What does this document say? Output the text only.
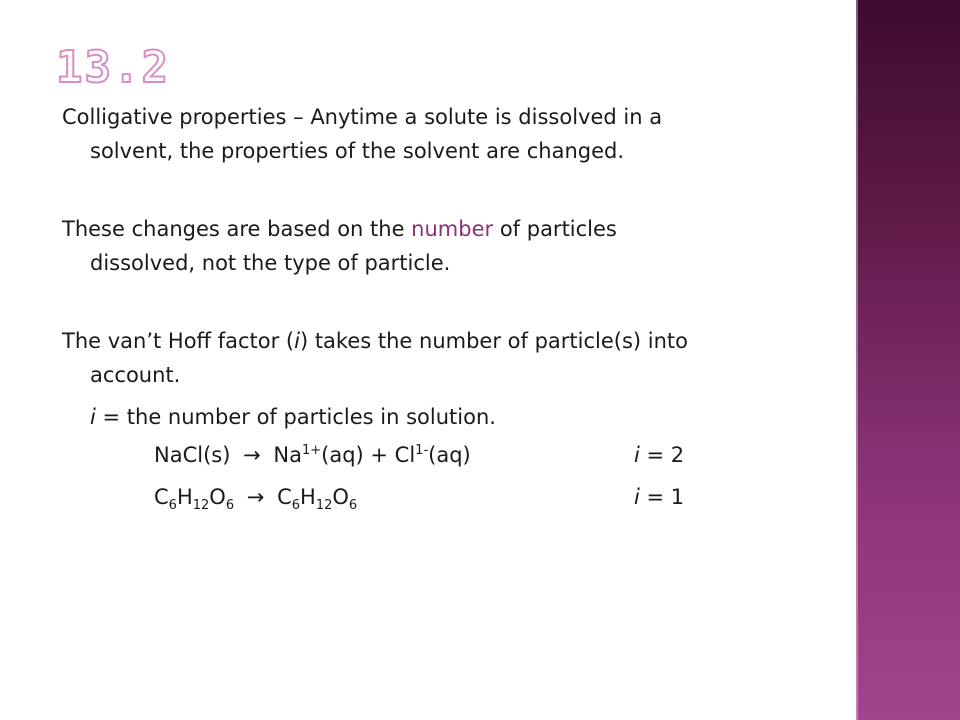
13.2
Colligative properties – Anytime a solute is dissolved in a
solvent, the properties of the solvent are changed.
These changes are based on the number of particles
dissolved, not the type of particle.
The van’t Hoff factor (i) takes the number of particle(s) into
account.
i = the number of particles in solution.
NaCl(s) → $Na^{1+}(aq) + Cl^{1-}(aq)$	i = 2
$C_6H_{12}O_6 \to C_6H_{12}O_6$	i = 1
